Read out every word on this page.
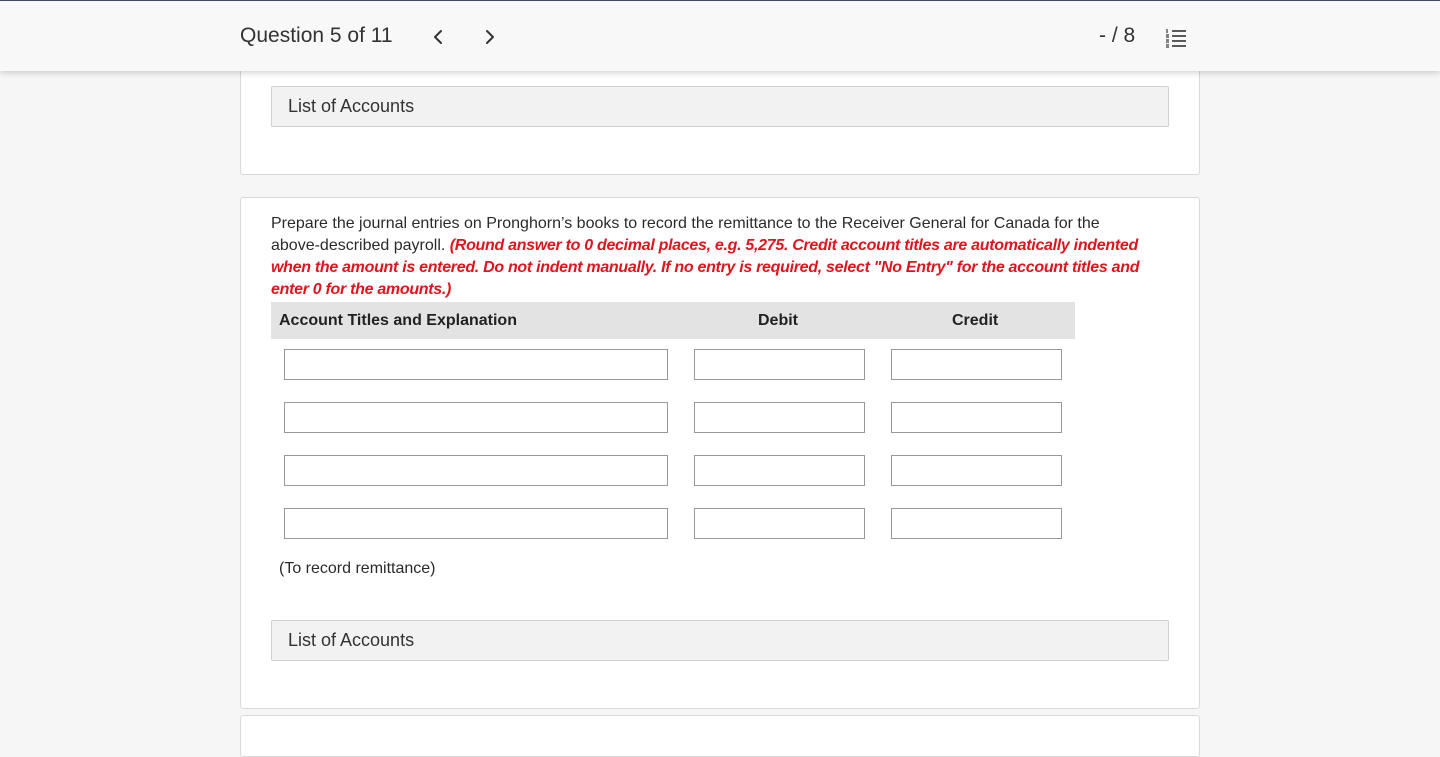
Question 5 of 11	- / 8
List of Accounts
Prepare the journal entries on Pronghorn’s books to record the remittance to the Receiver General for Canada for the above-described payroll. (Round answer to 0 decimal places, e.g. 5,275. Credit account titles are automatically indented when the amount is entered. Do not indent manually. If no entry is required, select "No Entry" for the account titles and enter 0 for the amounts.)
Account Titles and Explanation	Debit	Credit
(To record remittance)
List of Accounts
